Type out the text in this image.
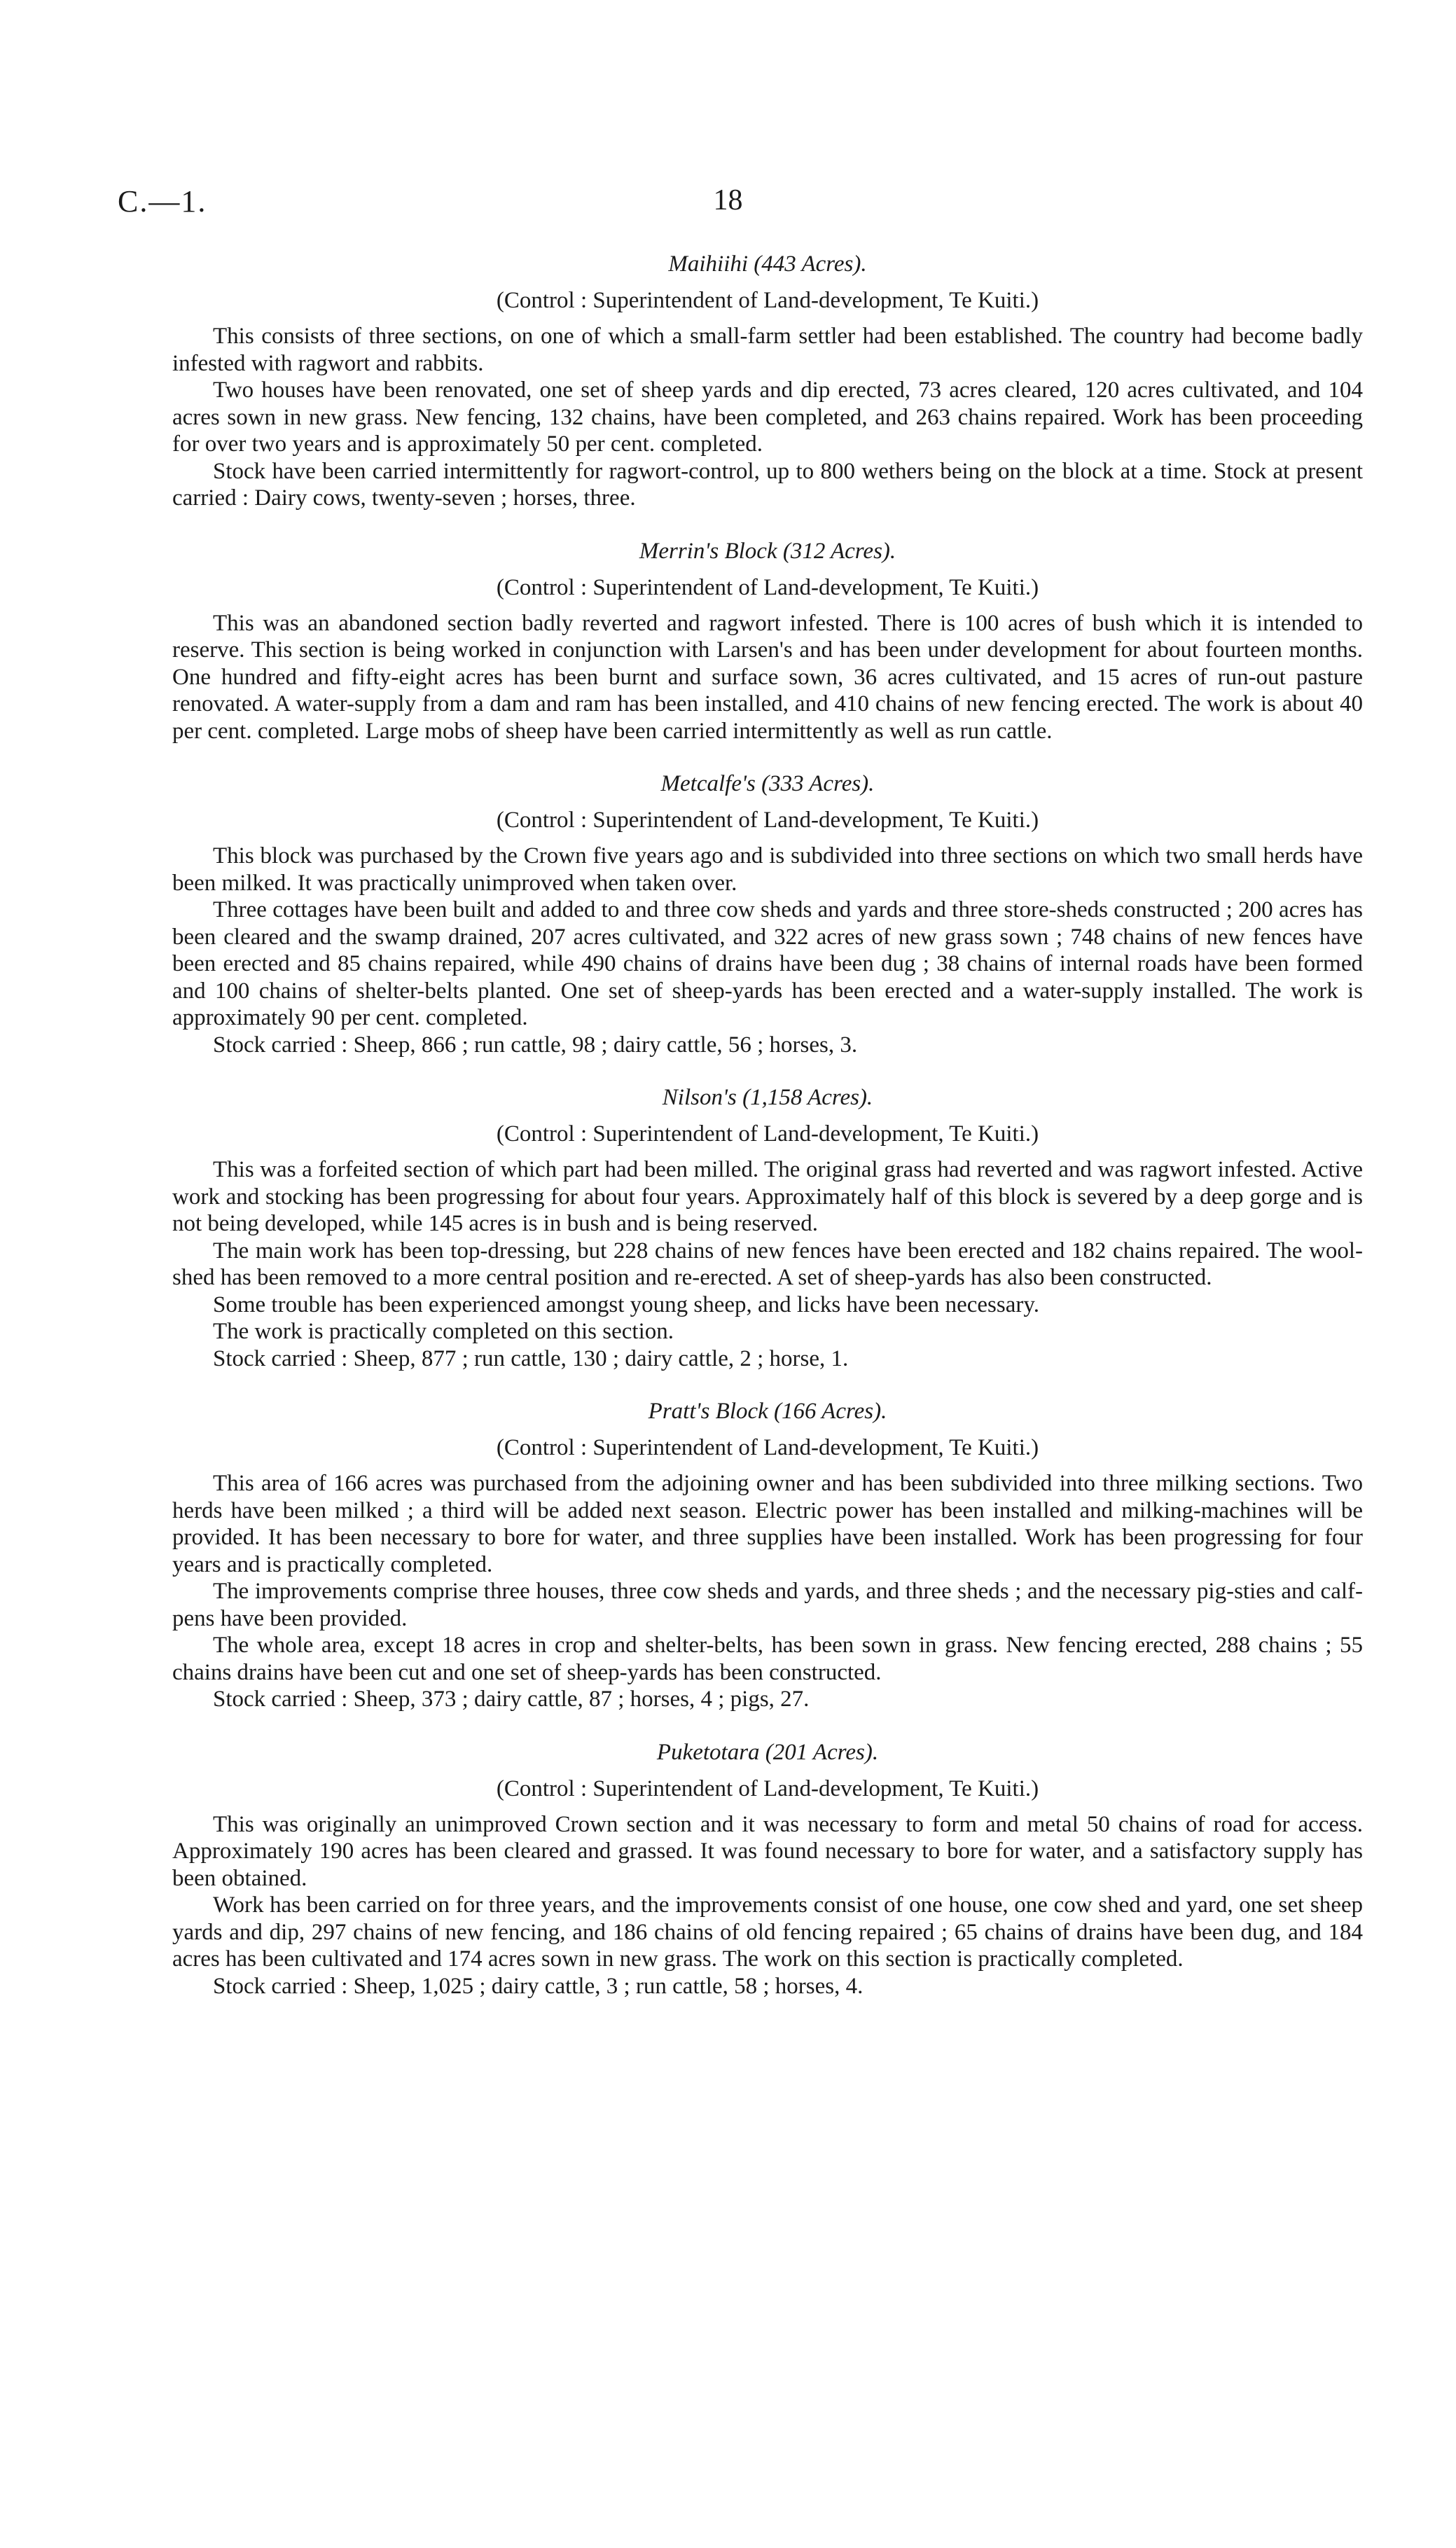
C.—1.	18

Maihiihi (443 Acres).

(Control : Superintendent of Land-development, Te Kuiti.)

This consists of three sections, on one of which a small-farm settler had been established. The country had become badly infested with ragwort and rabbits.

Two houses have been renovated, one set of sheep yards and dip erected, 73 acres cleared, 120 acres cultivated, and 104 acres sown in new grass. New fencing, 132 chains, have been completed, and 263 chains repaired. Work has been proceeding for over two years and is approximately 50 per cent. completed.

Stock have been carried intermittently for ragwort-control, up to 800 wethers being on the block at a time. Stock at present carried : Dairy cows, twenty-seven ; horses, three.

Merrin's Block (312 Acres).

(Control : Superintendent of Land-development, Te Kuiti.)

This was an abandoned section badly reverted and ragwort infested. There is 100 acres of bush which it is intended to reserve. This section is being worked in conjunction with Larsen's and has been under development for about fourteen months. One hundred and fifty-eight acres has been burnt and surface sown, 36 acres cultivated, and 15 acres of run-out pasture renovated. A water-supply from a dam and ram has been installed, and 410 chains of new fencing erected. The work is about 40 per cent. completed. Large mobs of sheep have been carried intermittently as well as run cattle.

Metcalfe's (333 Acres).

(Control : Superintendent of Land-development, Te Kuiti.)

This block was purchased by the Crown five years ago and is subdivided into three sections on which two small herds have been milked. It was practically unimproved when taken over.

Three cottages have been built and added to and three cow sheds and yards and three store-sheds constructed ; 200 acres has been cleared and the swamp drained, 207 acres cultivated, and 322 acres of new grass sown ; 748 chains of new fences have been erected and 85 chains repaired, while 490 chains of drains have been dug ; 38 chains of internal roads have been formed and 100 chains of shelter-belts planted. One set of sheep-yards has been erected and a water-supply installed. The work is approximately 90 per cent. completed.

Stock carried : Sheep, 866 ; run cattle, 98 ; dairy cattle, 56 ; horses, 3.

Nilson's (1,158 Acres).

(Control : Superintendent of Land-development, Te Kuiti.)

This was a forfeited section of which part had been milled. The original grass had reverted and was ragwort infested. Active work and stocking has been progressing for about four years. Approximately half of this block is severed by a deep gorge and is not being developed, while 145 acres is in bush and is being reserved.

The main work has been top-dressing, but 228 chains of new fences have been erected and 182 chains repaired. The wool-shed has been removed to a more central position and re-erected. A set of sheep-yards has also been constructed.

Some trouble has been experienced amongst young sheep, and licks have been necessary.

The work is practically completed on this section.

Stock carried : Sheep, 877 ; run cattle, 130 ; dairy cattle, 2 ; horse, 1.

Pratt's Block (166 Acres).

(Control : Superintendent of Land-development, Te Kuiti.)

This area of 166 acres was purchased from the adjoining owner and has been subdivided into three milking sections. Two herds have been milked ; a third will be added next season. Electric power has been installed and milking-machines will be provided. It has been necessary to bore for water, and three supplies have been installed. Work has been progressing for four years and is practically completed.

The improvements comprise three houses, three cow sheds and yards, and three sheds ; and the necessary pig-sties and calf-pens have been provided.

The whole area, except 18 acres in crop and shelter-belts, has been sown in grass. New fencing erected, 288 chains ; 55 chains drains have been cut and one set of sheep-yards has been constructed.

Stock carried : Sheep, 373 ; dairy cattle, 87 ; horses, 4 ; pigs, 27.

Puketotara (201 Acres).

(Control : Superintendent of Land-development, Te Kuiti.)

This was originally an unimproved Crown section and it was necessary to form and metal 50 chains of road for access. Approximately 190 acres has been cleared and grassed. It was found necessary to bore for water, and a satisfactory supply has been obtained.

Work has been carried on for three years, and the improvements consist of one house, one cow shed and yard, one set sheep yards and dip, 297 chains of new fencing, and 186 chains of old fencing repaired ; 65 chains of drains have been dug, and 184 acres has been cultivated and 174 acres sown in new grass. The work on this section is practically completed.

Stock carried : Sheep, 1,025 ; dairy cattle, 3 ; run cattle, 58 ; horses, 4.
